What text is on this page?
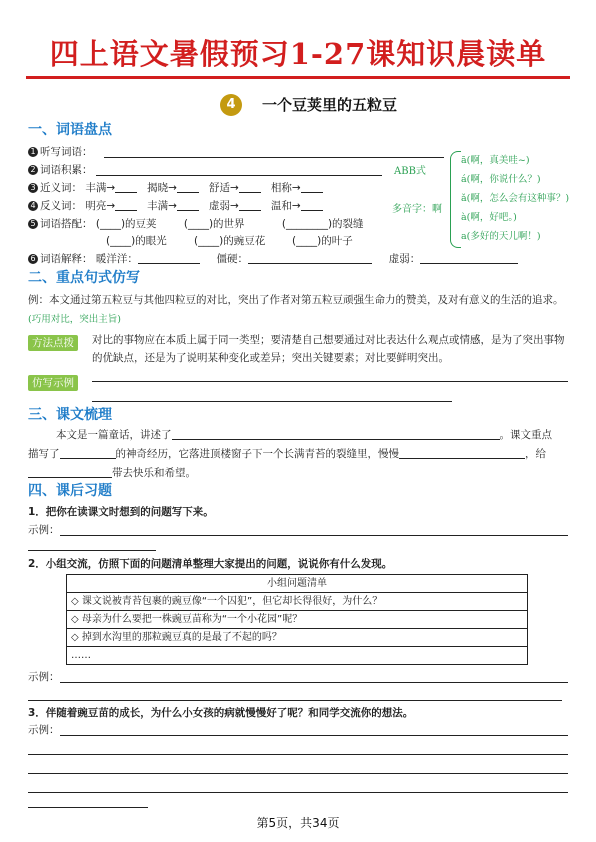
四上语文暑假预习1-27课知识晨读单
4	一个豆荚里的五粒豆
一、词语盘点
1 听写词语：
2 词语积累：	ABB式
3 近义词： 丰满→	揭晓→	舒适→	相称→
4 反义词： 明亮→	丰满→	虚弱→	温和→	多音字：啊
5 词语搭配： (____)的豆荚	(____)的世界	(________)的裂缝
(____)的眼光	(____)的豌豆花	(____)的叶子
6 词语解释： 暖洋洋：	僵硬：	虚弱：
ā(啊，真美哇~)
á(啊，你说什么？)
ǎ(啊，怎么会有这种事？)
à(啊，好吧。)
a(多好的天儿啊！)
二、重点句式仿写
例：本文通过第五粒豆与其他四粒豆的对比，突出了作者对第五粒豆顽强生命力的赞美，及对有意义的生活的追求。(巧用对比，突出主旨)
方法点拨	对比的事物应在本质上属于同一类型；要清楚自己想要通过对比表达什么观点或情感，是为了突出事物的优缺点，还是为了说明某种变化或差异；突出关键要素；对比要鲜明突出。
仿写示例
三、课文梳理
本文是一篇童话，讲述了	。课文重点
描写了	的神奇经历，它落进顶楼窗子下一个长满青苔的裂缝里，慢慢	，给
带去快乐和希望。
四、课后习题
1．把你在读课文时想到的问题写下来。
示例：
2．小组交流，仿照下面的问题清单整理大家提出的问题，说说你有什么发现。
小组问题清单
◇ 课文说被青苔包裹的豌豆像“一个囚犯”，但它却长得很好，为什么？
◇ 母亲为什么要把一株豌豆苗称为“一个小花园”呢？
◇ 掉到水沟里的那粒豌豆真的是最了不起的吗？
……
示例：
3．伴随着豌豆苗的成长，为什么小女孩的病就慢慢好了呢？和同学交流你的想法。
示例：
第5页，共34页
